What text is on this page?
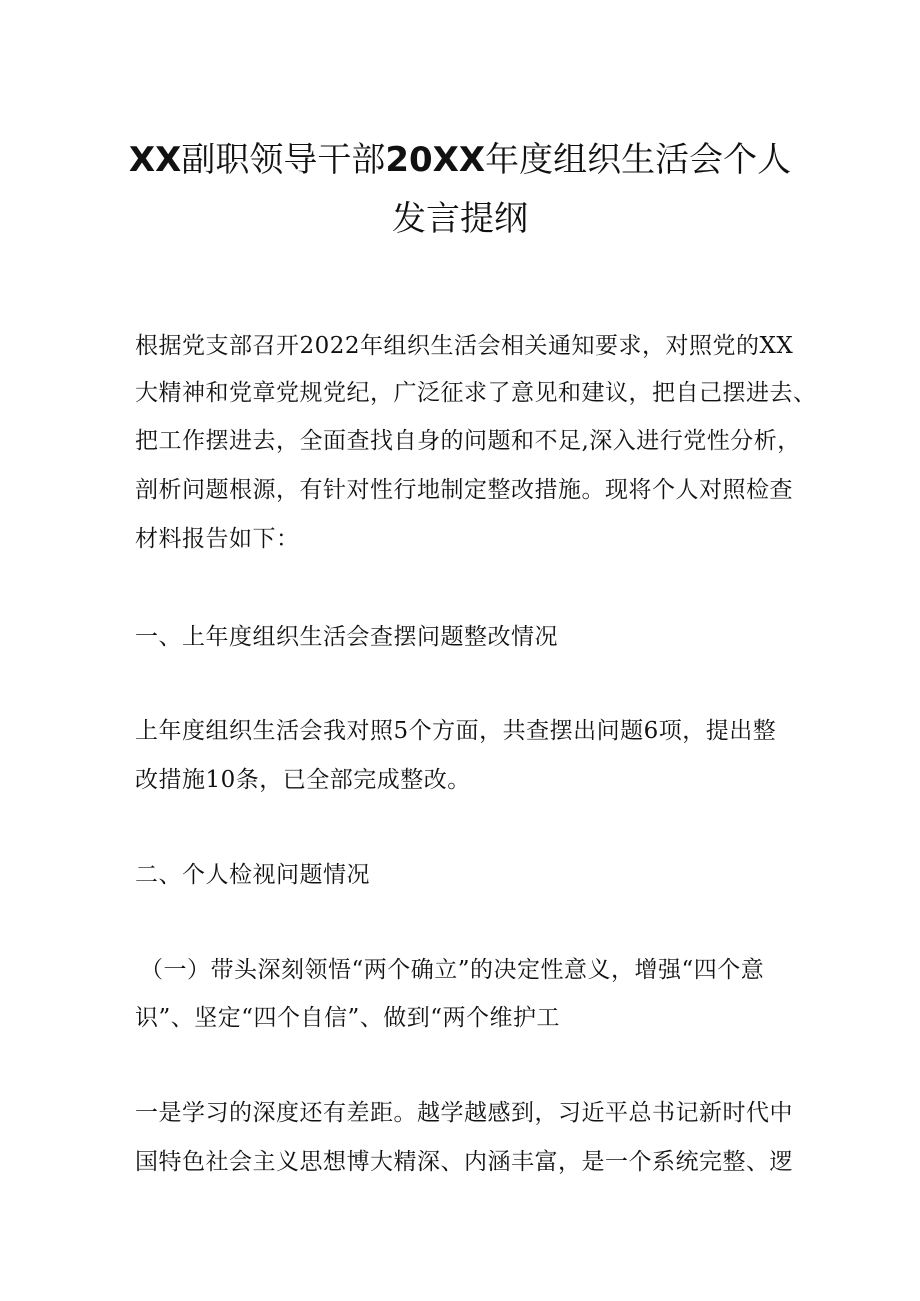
XX副职领导干部20XX年度组织生活会个人
发言提纲
根据党支部召开2022年组织生活会相关通知要求，对照党的XX
大精神和党章党规党纪，广泛征求了意见和建议，把自己摆进去、
把工作摆进去，全面查找自身的问题和不足,深入进行党性分析，
剖析问题根源，有针对性行地制定整改措施。现将个人对照检查
材料报告如下：
一、上年度组织生活会查摆问题整改情况
上年度组织生活会我对照5个方面，共查摆出问题6项，提出整
改措施10条，已全部完成整改。
二、个人检视问题情况
（一）带头深刻领悟“两个确立”的决定性意义，增强“四个意
识”、坚定“四个自信”、做到“两个维护工
一是学习的深度还有差距。越学越感到，习近平总书记新时代中
国特色社会主义思想博大精深、内涵丰富，是一个系统完整、逻
